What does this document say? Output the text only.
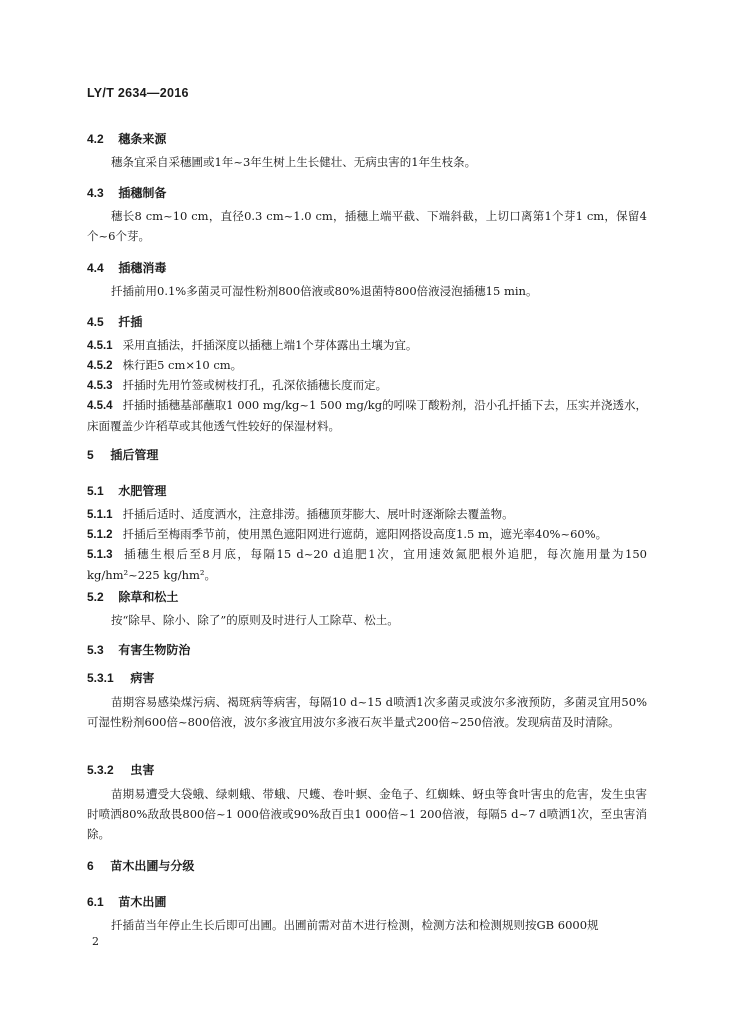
LY/T 2634—2016
4.2 穗条来源
穗条宜采自采穗圃或1年~3年生树上生长健壮、无病虫害的1年生枝条。
4.3 插穗制备
穗长8 cm~10 cm，直径0.3 cm~1.0 cm，插穗上端平截、下端斜截，上切口离第1个芽1 cm，保留4个~6个芽。
4.4 插穗消毒
扦插前用0.1%多菌灵可湿性粉剂800倍液或80%退菌特800倍液浸泡插穗15 min。
4.5 扦插
4.5.1 采用直插法，扦插深度以插穗上端1个芽体露出土壤为宜。
4.5.2 株行距5 cm×10 cm。
4.5.3 扦插时先用竹签或树枝打孔，孔深依插穗长度而定。
4.5.4 扦插时插穗基部蘸取1 000 mg/kg~1 500 mg/kg的吲哚丁酸粉剂，沿小孔扦插下去，压实并浇透水，床面覆盖少许稻草或其他透气性较好的保湿材料。
5 插后管理
5.1 水肥管理
5.1.1 扦插后适时、适度洒水，注意排涝。插穗顶芽膨大、展叶时逐渐除去覆盖物。
5.1.2 扦插后至梅雨季节前，使用黑色遮阳网进行遮荫，遮阳网搭设高度1.5 m，遮光率40%~60%。
5.1.3 插穗生根后至8月底，每隔15 d~20 d追肥1次，宜用速效氮肥根外追肥，每次施用量为150 kg/hm²~225 kg/hm²。
5.2 除草和松土
按“除早、除小、除了”的原则及时进行人工除草、松土。
5.3 有害生物防治
5.3.1 病害
苗期容易感染煤污病、褐斑病等病害，每隔10 d~15 d喷洒1次多菌灵或波尔多液预防，多菌灵宜用50%可湿性粉剂600倍~800倍液，波尔多液宜用波尔多液石灰半量式200倍~250倍液。发现病苗及时清除。
5.3.2 虫害
苗期易遭受大袋蛾、绿刺蛾、带蛾、尺蠖、卷叶螟、金龟子、红蜘蛛、蚜虫等食叶害虫的危害，发生虫害时喷洒80%敌敌畏800倍~1 000倍液或90%敌百虫1 000倍~1 200倍液，每隔5 d~7 d喷洒1次，至虫害消除。
6 苗木出圃与分级
6.1 苗木出圃
扦插苗当年停止生长后即可出圃。出圃前需对苗木进行检测，检测方法和检测规则按GB 6000规
2
